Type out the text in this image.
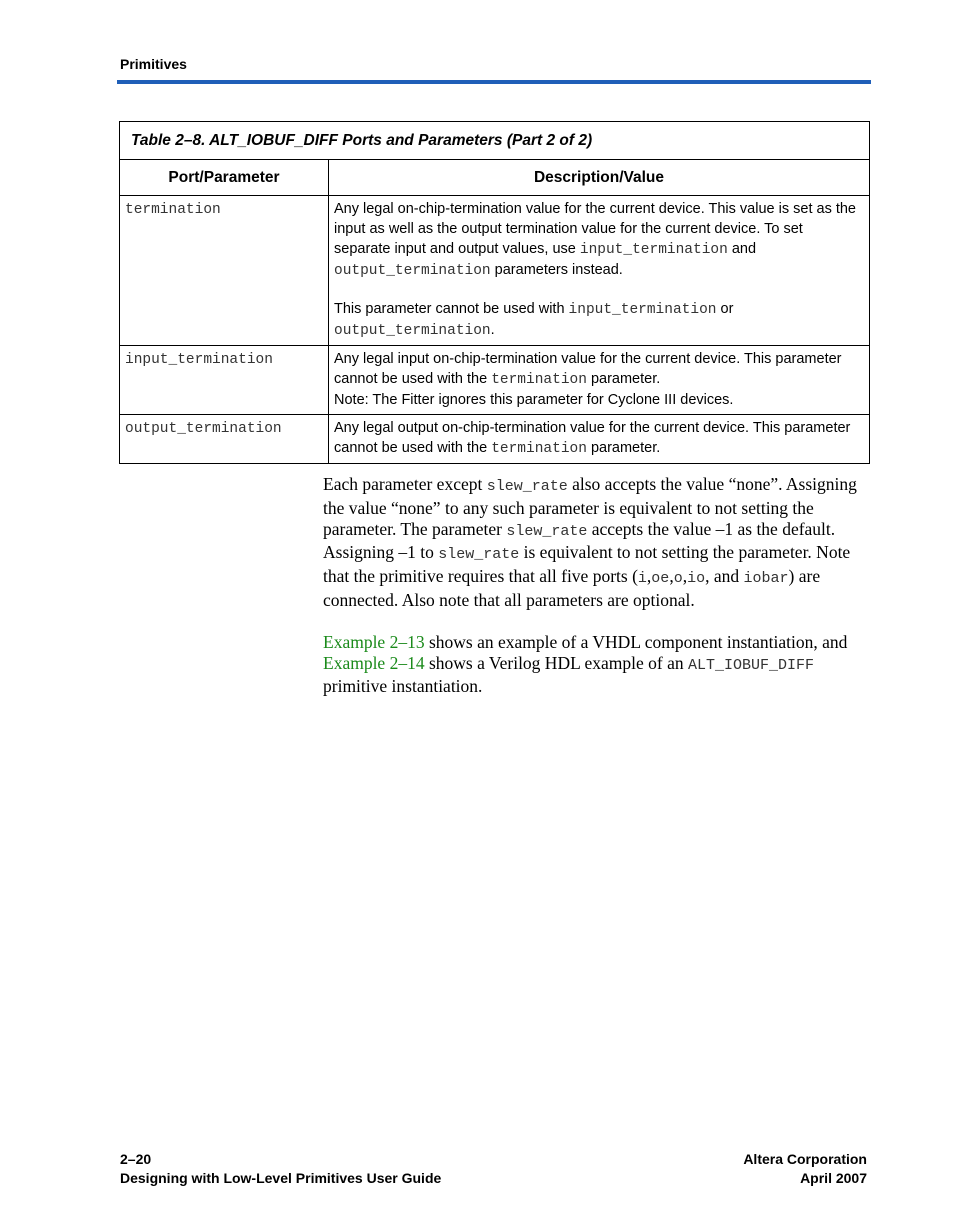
Primitives
Table 2–8. ALT_IOBUF_DIFF Ports and Parameters (Part 2 of 2)	
Port/Parameter	Description/Value
termination	Any legal on-chip-termination value for the current device. This value is set as the input as well as the output termination value for the current device. To set separate input and output values, use input_termination and output_termination parameters instead.

This parameter cannot be used with input_termination or output_termination.

input_termination	Any legal input on-chip-termination value for the current device. This parameter cannot be used with the termination parameter.

Note: The Fitter ignores this parameter for Cyclone III devices.

output_termination	Any legal output on-chip-termination value for the current device. This parameter cannot be used with the termination parameter.

Each parameter except slew_rate also accepts the value “none”. Assigning the value “none” to any such parameter is equivalent to not setting the parameter. The parameter slew_rate accepts the value –1 as the default. Assigning –1 to slew_rate is equivalent to not setting the parameter. Note that the primitive requires that all five ports (i,oe,o,io, and iobar) are connected. Also note that all parameters are optional.

Example 2–13 shows an example of a VHDL component instantiation, and Example 2–14 shows a Verilog HDL example of an ALT_IOBUF_DIFF primitive instantiation.

2–20
Designing with Low-Level Primitives User Guide
Altera Corporation
April 2007
